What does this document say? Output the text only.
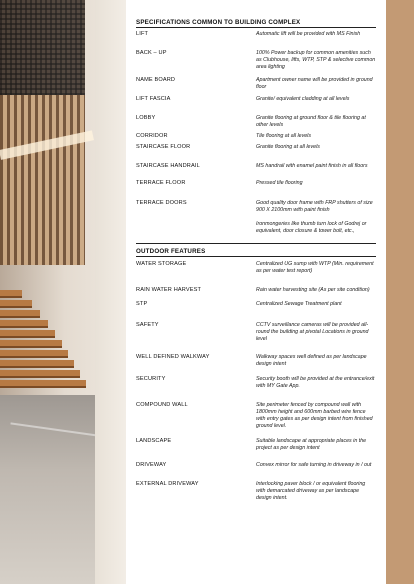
SPECIFICATIONS COMMON TO BUILDING COMPLEX
LIFT	Automatic lift will be provided with MS Finish
BACK – UP	100% Power backup for common amenities such as Clubhouse, lifts, WTP, STP & selective common area lighting
NAME BOARD	Apartment owner name will be provided in ground floor
LIFT FASCIA	Granite/ equivalent cladding at all levels
LOBBY	Granite flooring at ground floor & tile flooring at other levels
CORRIDOR	Tile flooring at all levels
STAIRCASE FLOOR	Granite flooring at all levels
STAIRCASE HANDRAIL	MS handrail with enamel paint finish in all floors
TERRACE FLOOR	Pressed tile flooring
TERRACE DOORS	Good quality door frame with FRP shutters of size 900 X 2100mm with paint finish
Ironmongeries like thumb turn lock of Godrej or equivalent, door closure & tower bolt, etc.,
OUTDOOR FEATURES
WATER STORAGE	Centralized UG sump with WTP (Min. requirement as per water test report)
RAIN WATER HARVEST	Rain water harvesting site (As per site condition)
STP	Centralized Sewage Treatment plant
SAFETY	CCTV surveillance cameras will be provided all-round the building at pivotal Locations in ground level
WELL DEFINED WALKWAY	Walkway spaces well defined as per landscape design intent
SECURITY	Security booth will be provided at the entrance/exit with MY Gate App.
COMPOUND WALL	Site perimeter fenced by compound wall with 1800mm height and 600mm barbed wire fence with entry gates as per design intent from finished ground level.
LANDSCAPE	Suitable landscape at appropriate places in the project as per design intent
DRIVEWAY	Convex mirror for safe turning in driveway in / out
EXTERNAL DRIVEWAY	Interlocking paver block / or equivalent flooring with demarcated driveway as per landscape design intent.
